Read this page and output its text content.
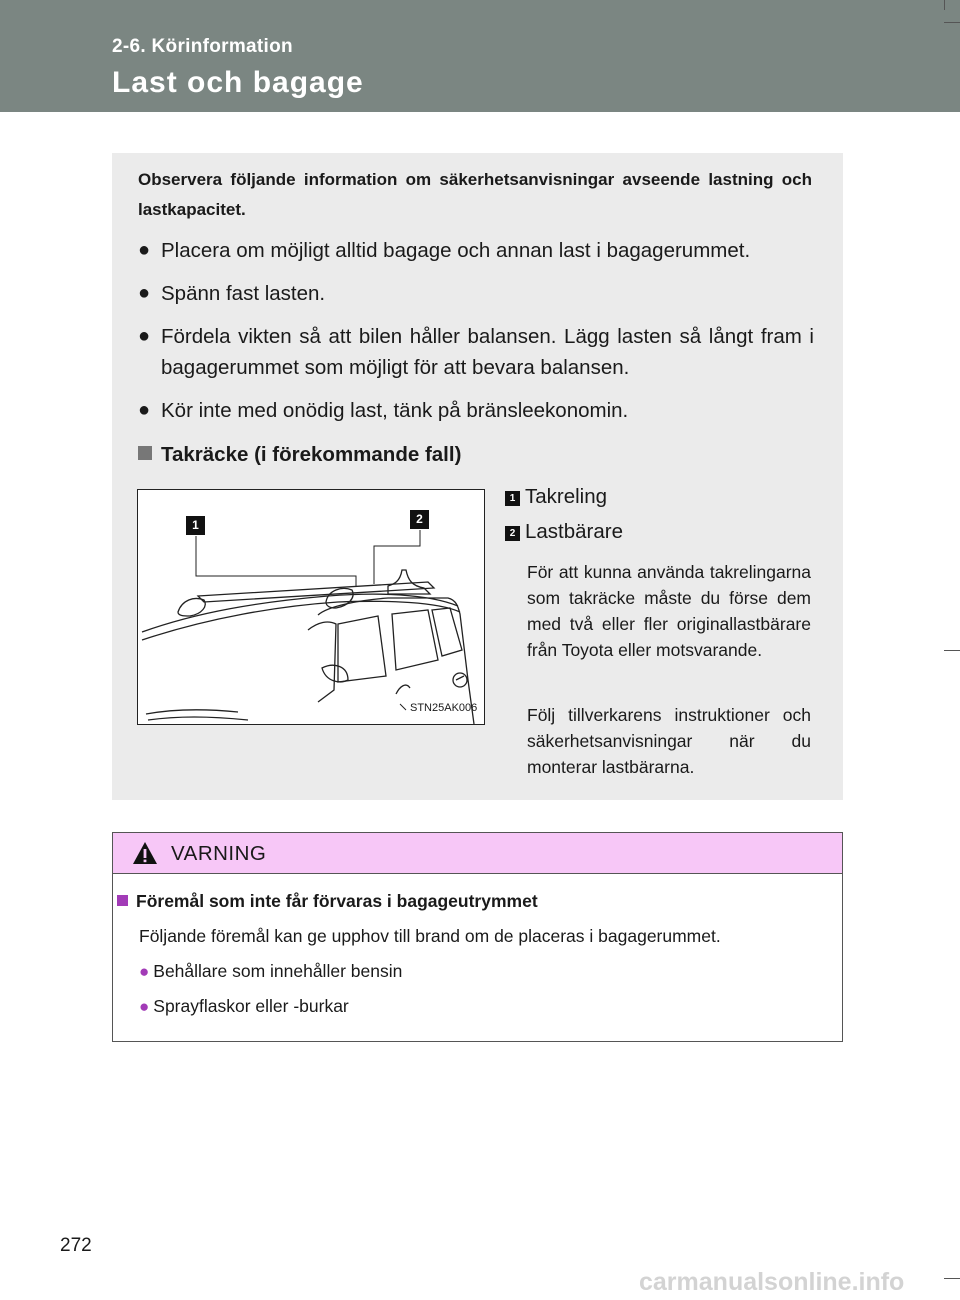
2-6. Körinformation
Last och bagage
Observera följande information om säkerhetsanvisningar avseende lastning och lastkapacitet.
● Placera om möjligt alltid bagage och annan last i bagagerummet.
● Spänn fast lasten.
● Fördela vikten så att bilen håller balansen. Lägg lasten så långt fram i bagagerummet som möjligt för att bevara balansen.
● Kör inte med onödig last, tänk på bränsleekonomin.
Takräcke (i förekommande fall)
1	2
STN25AK006
1 Takreling
2 Lastbärare
För att kunna använda takrelingarna som takräcke måste du förse dem med två eller fler originallastbärare från Toyota eller motsvarande.
Följ tillverkarens instruktioner och säkerhetsanvisningar när du monterar lastbärarna.
VARNING
Föremål som inte får förvaras i bagageutrymmet
Följande föremål kan ge upphov till brand om de placeras i bagagerummet.
● Behållare som innehåller bensin
● Sprayflaskor eller -burkar
272
carmanualsonline.info
